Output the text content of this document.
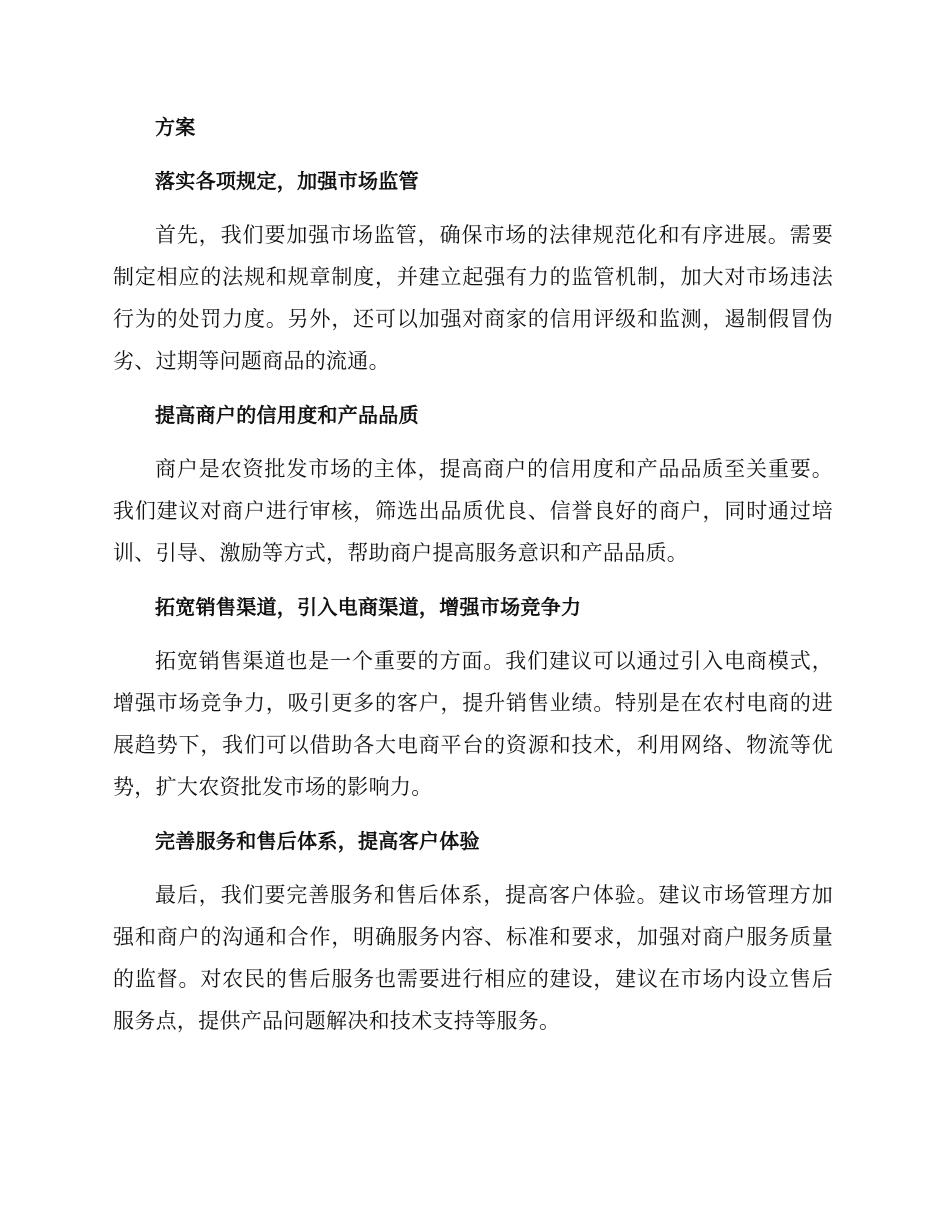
方案
落实各项规定，加强市场监管

首先，我们要加强市场监管，确保市场的法律规范化和有序进展。需要制定相应的法规和规章制度，并建立起强有力的监管机制，加大对市场违法行为的处罚力度。另外，还可以加强对商家的信用评级和监测，遏制假冒伪劣、过期等问题商品的流通。

提高商户的信用度和产品品质

商户是农资批发市场的主体，提高商户的信用度和产品品质至关重要。我们建议对商户进行审核，筛选出品质优良、信誉良好的商户，同时通过培训、引导、激励等方式，帮助商户提高服务意识和产品品质。

拓宽销售渠道，引入电商渠道，增强市场竞争力

拓宽销售渠道也是一个重要的方面。我们建议可以通过引入电商模式，增强市场竞争力，吸引更多的客户，提升销售业绩。特别是在农村电商的进展趋势下，我们可以借助各大电商平台的资源和技术，利用网络、物流等优势，扩大农资批发市场的影响力。

完善服务和售后体系，提高客户体验

最后，我们要完善服务和售后体系，提高客户体验。建议市场管理方加强和商户的沟通和合作，明确服务内容、标准和要求，加强对商户服务质量的监督。对农民的售后服务也需要进行相应的建设，建议在市场内设立售后服务点，提供产品问题解决和技术支持等服务。
